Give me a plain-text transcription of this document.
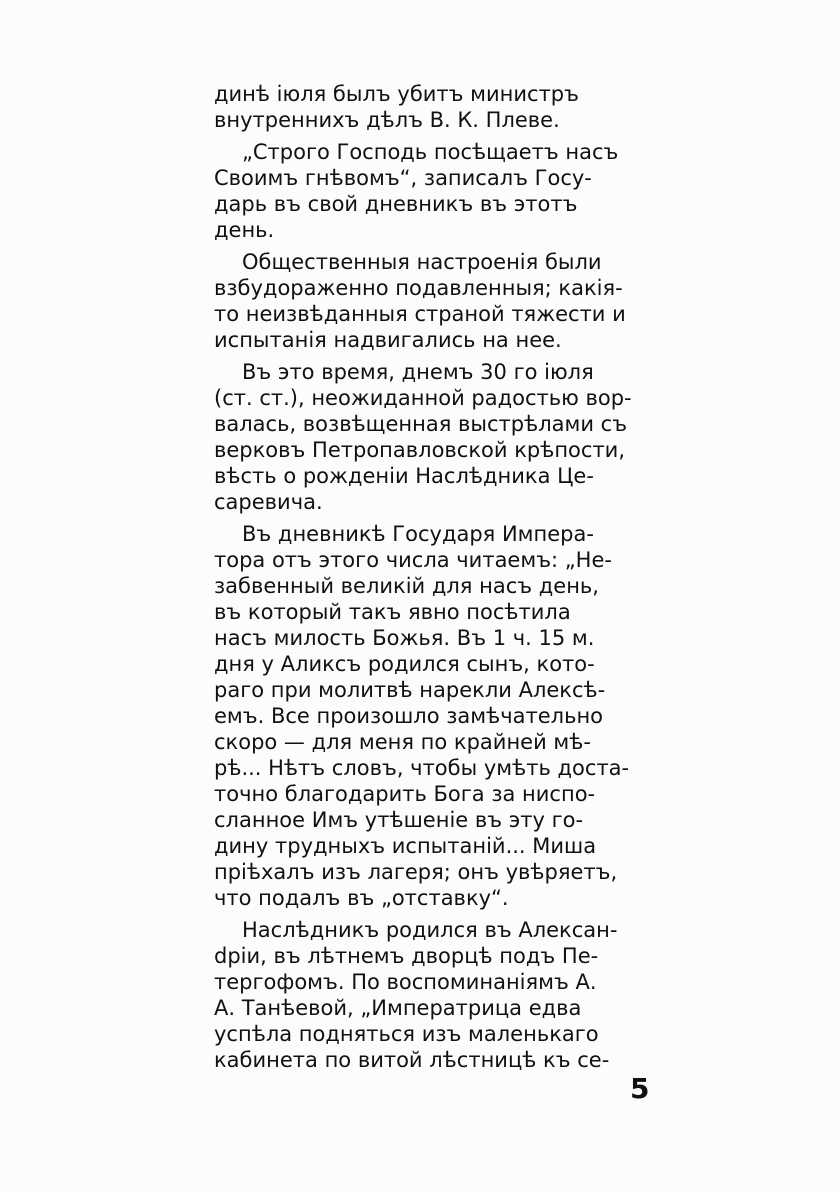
динѣ іюля былъ убитъ министръ
внутреннихъ дѣлъ В. К. Плеве.

„Строго Господь посѣщаетъ насъ
Своимъ гнѣвомъ“, записалъ Госу-
дарь въ свой дневникъ въ этотъ
день.

Общественныя настроенія были
взбудораженно подавленныя; какія-
то неизвѣданныя страной тяжести и
испытанія надвигались на нее.

Въ это время, днемъ 30 го іюля
(ст. ст.), неожиданной радостью вор-
валась, возвѣщенная выстрѣлами съ
верковъ Петропавловской крѣпости,
вѣсть о рожденіи Наслѣдника Це-
саревича.

Въ дневникѣ Государя Импера-
тора отъ этого числа читаемъ: „Не-
забвенный великій для насъ день,
въ который такъ явно посѣтила
насъ милость Божья. Въ 1 ч. 15 м.
дня у Аликсъ родился сынъ, кото-
раго при молитвѣ нарекли Алексѣ-
емъ. Все произошло замѣчательно
скоро — для меня по крайней мѣ-
рѣ... Нѣтъ словъ, чтобы умѣть доста-
точно благодарить Бога за ниспо-
сланное Имъ утѣшеніе въ эту го-
дину трудныхъ испытаній... Миша
пріѣхалъ изъ лагеря; онъ увѣряетъ,
что подалъ въ „отставку“.

Наслѣдникъ родился въ Алексан-
dріи, въ лѣтнемъ дворцѣ подъ Пе-
тергофомъ. По воспоминаніямъ А.
А. Танѣевой, „Императрица едва
успѣла подняться изъ маленькаго
кабинета по витой лѣстницѣ къ се-

5
